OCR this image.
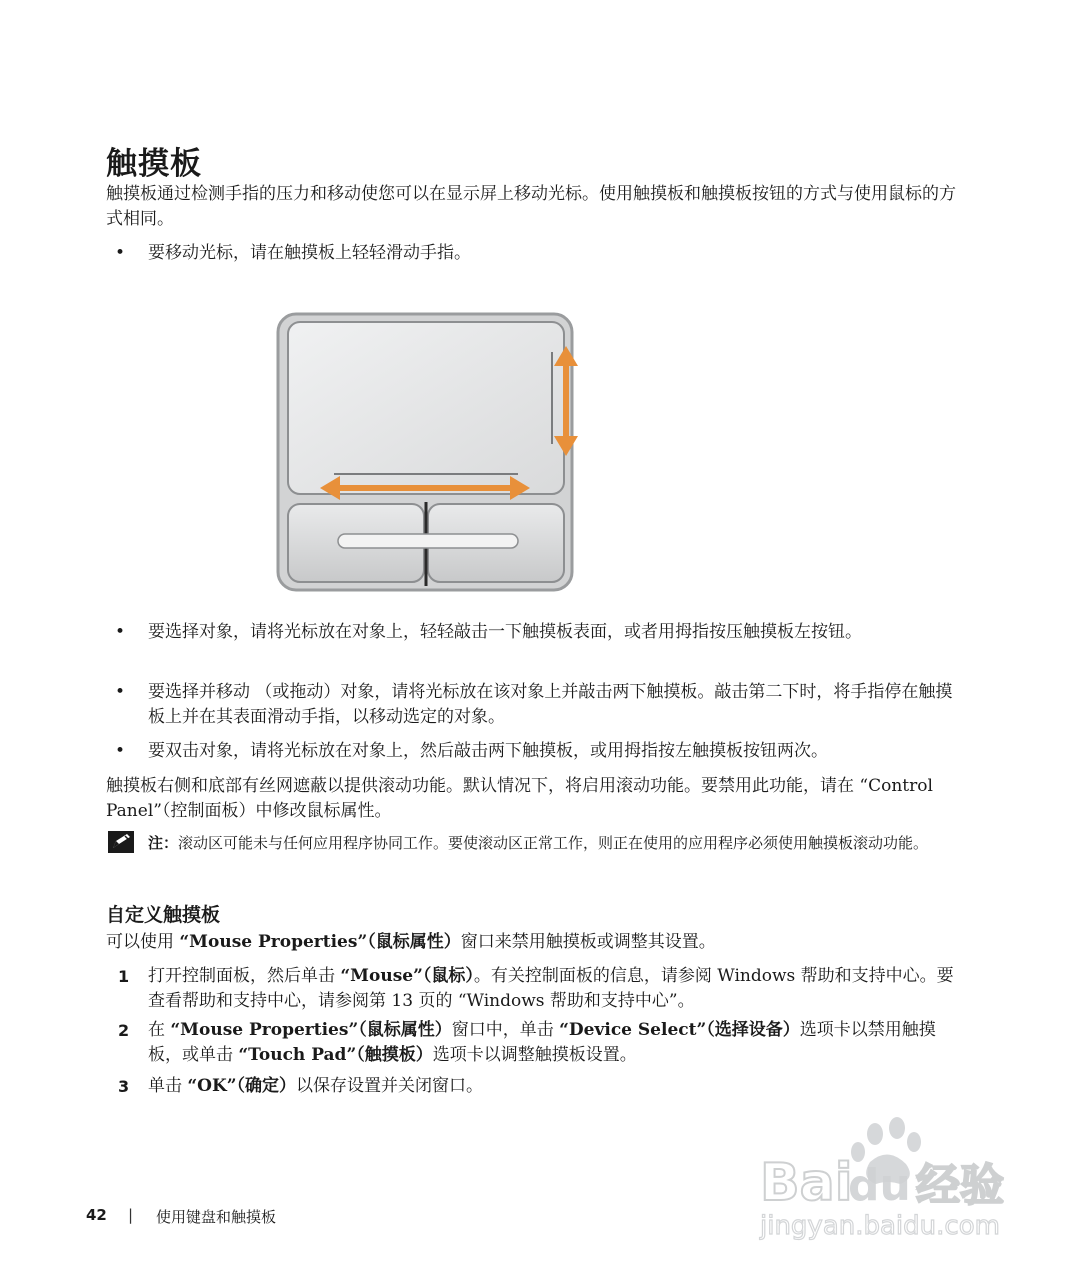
触摸板

触摸板通过检测手指的压力和移动使您可以在显示屏上移动光标。使用触摸板和触摸板按钮的方式与使用鼠标的方式相同。

• 要移动光标，请在触摸板上轻轻滑动手指。

• 要选择对象，请将光标放在对象上，轻轻敲击一下触摸板表面，或者用拇指按压触摸板左按钮。

• 要选择并移动 （或拖动）对象，请将光标放在该对象上并敲击两下触摸板。敲击第二下时，将手指停在触摸板上并在其表面滑动手指，以移动选定的对象。

• 要双击对象，请将光标放在对象上，然后敲击两下触摸板，或用拇指按左触摸板按钮两次。

触摸板右侧和底部有丝网遮蔽以提供滚动功能。默认情况下，将启用滚动功能。要禁用此功能，请在 “Control Panel”（控制面板）中修改鼠标属性。

注：滚动区可能未与任何应用程序协同工作。要使滚动区正常工作，则正在使用的应用程序必须使用触摸板滚动功能。

自定义触摸板

可以使用 “Mouse Properties”（鼠标属性）窗口来禁用触摸板或调整其设置。

1 打开控制面板，然后单击 “Mouse”（鼠标）。有关控制面板的信息，请参阅 Windows 帮助和支持中心。要查看帮助和支持中心，请参阅第 13 页的 “Windows 帮助和支持中心”。

2 在 “Mouse Properties”（鼠标属性）窗口中，单击 “Device Select”（选择设备）选项卡以禁用触摸板，或单击 “Touch Pad”（触摸板）选项卡以调整触摸板设置。

3 单击 “OK”（确定）以保存设置并关闭窗口。

42 | 使用键盘和触摸板
Bai
du 经验
jingyan.baidu.com
